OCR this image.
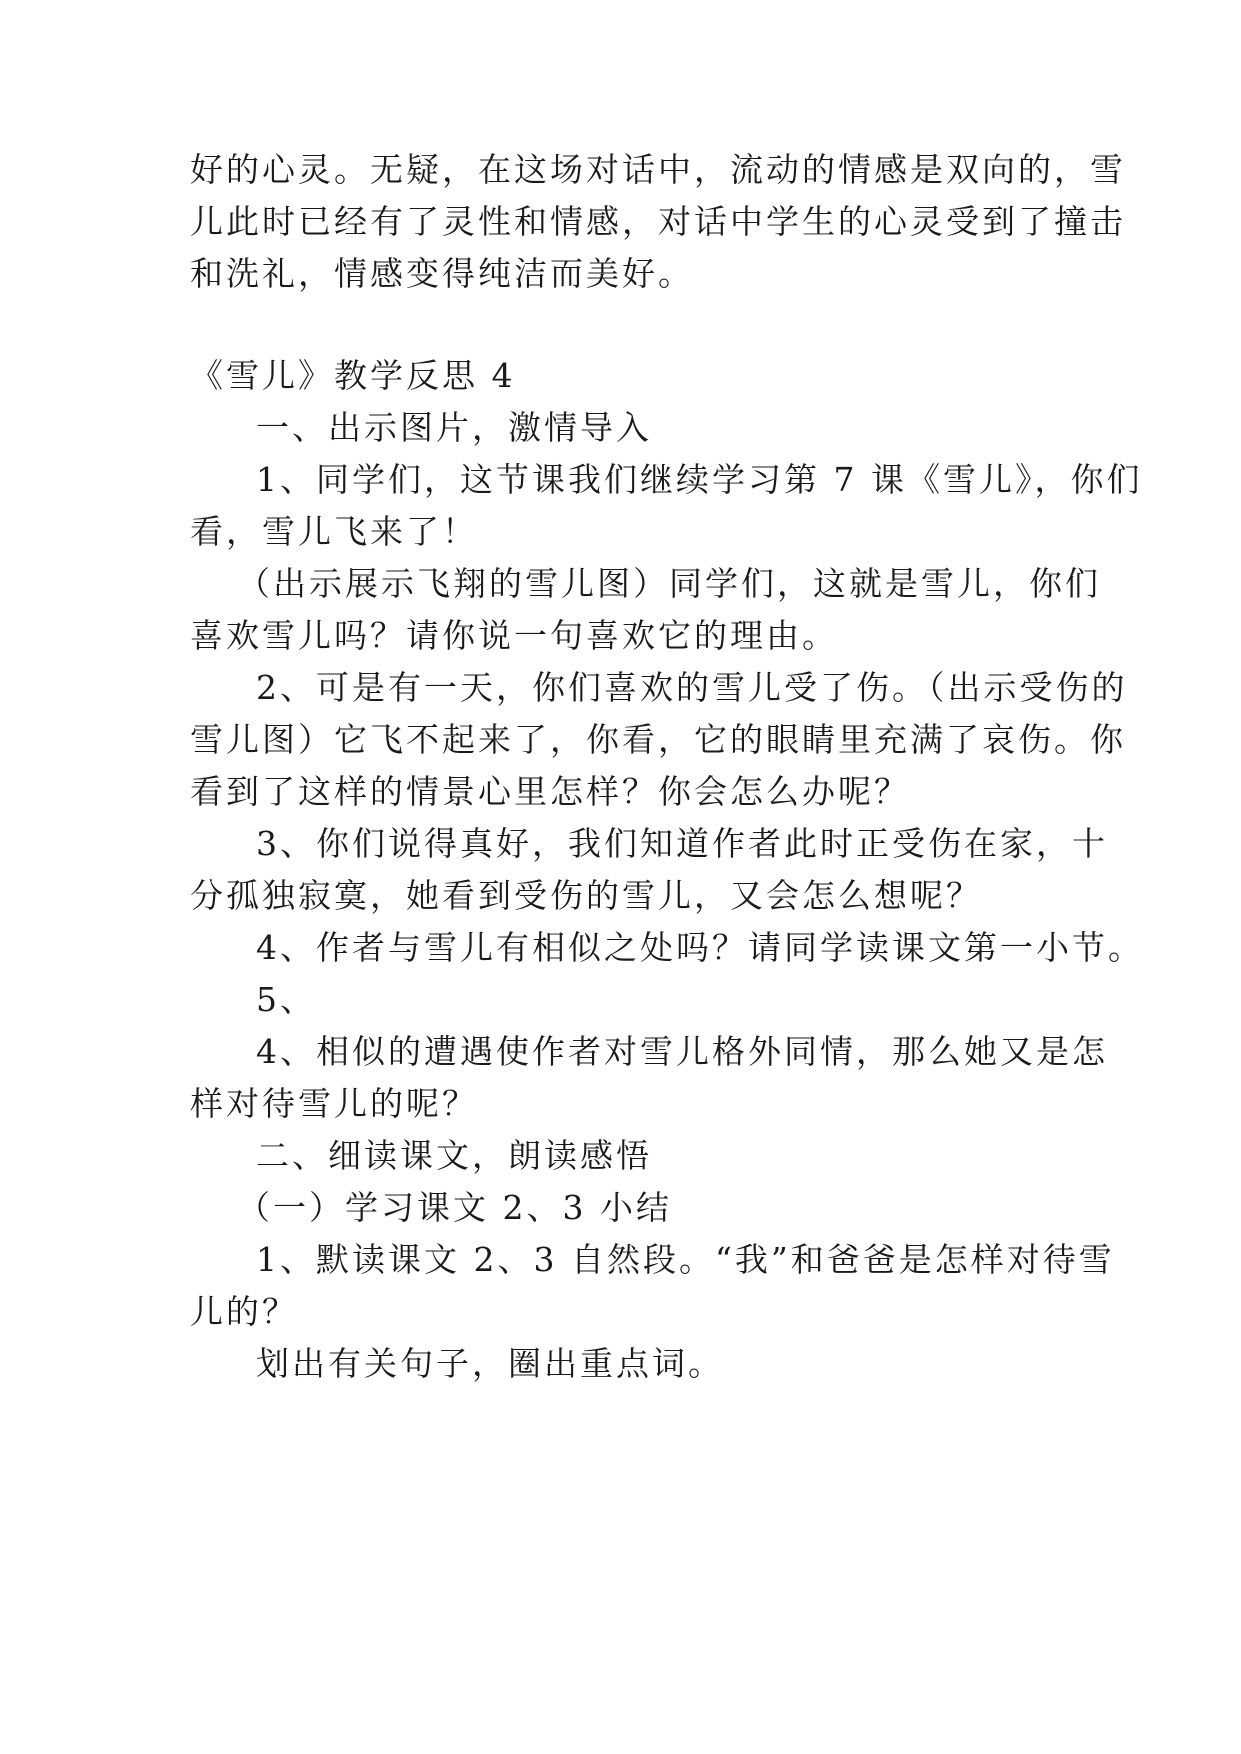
好的心灵。无疑，在这场对话中，流动的情感是双向的，雪
儿此时已经有了灵性和情感，对话中学生的心灵受到了撞击
和洗礼，情感变得纯洁而美好。
《雪儿》教学反思 4
一、出示图片，激情导入
1、同学们，这节课我们继续学习第 7 课《雪儿》，你们
看，雪儿飞来了！
（出示展示飞翔的雪儿图）同学们，这就是雪儿，你们
喜欢雪儿吗？请你说一句喜欢它的理由。
2、可是有一天，你们喜欢的雪儿受了伤。（出示受伤的
雪儿图）它飞不起来了，你看，它的眼睛里充满了哀伤。你
看到了这样的情景心里怎样？你会怎么办呢？
3、你们说得真好，我们知道作者此时正受伤在家，十
分孤独寂寞，她看到受伤的雪儿，又会怎么想呢？
4、作者与雪儿有相似之处吗？请同学读课文第一小节。
5、
4、相似的遭遇使作者对雪儿格外同情，那么她又是怎
样对待雪儿的呢？
二、细读课文，朗读感悟
（一）学习课文 2、3 小结
1、默读课文 2、3 自然段。“我”和爸爸是怎样对待雪
儿的？
划出有关句子，圈出重点词。
